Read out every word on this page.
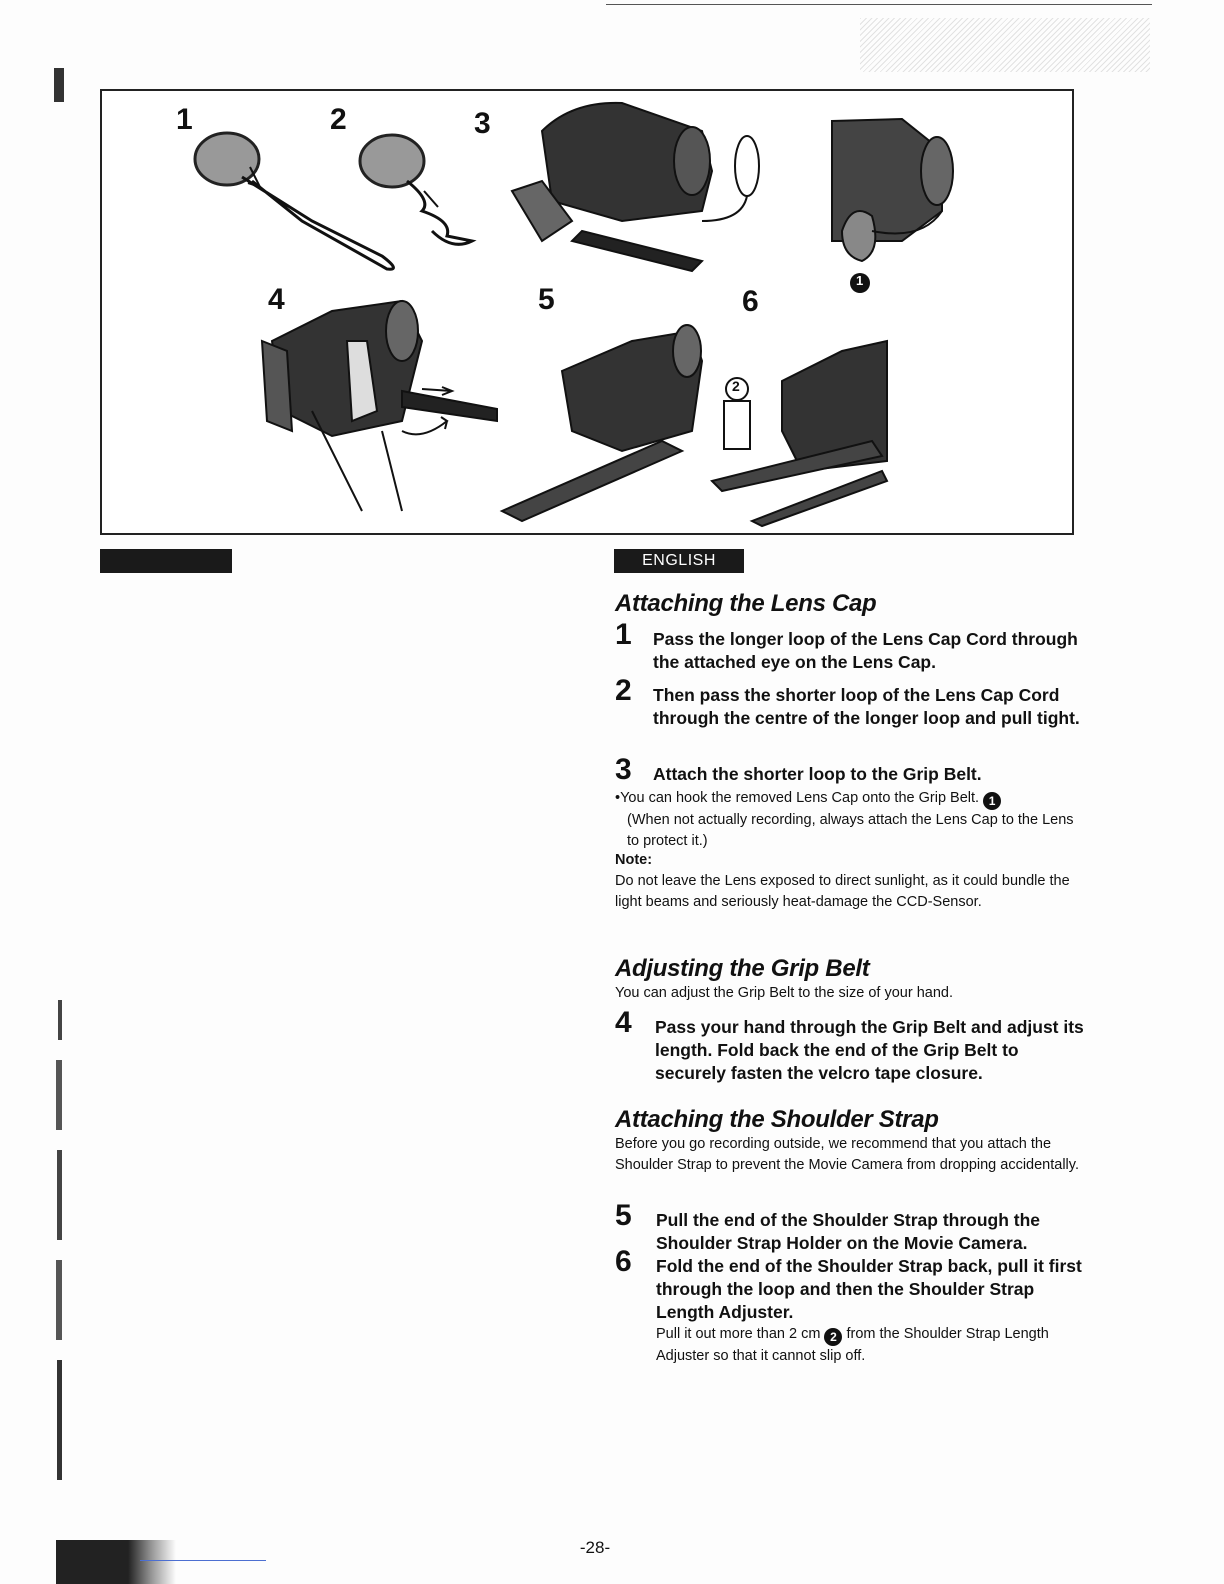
1	2	3
4	5	6
1
2
ENGLISH
Attaching the Lens Cap
1 Pass the longer loop of the Lens Cap Cord through the attached eye on the Lens Cap.
2 Then pass the shorter loop of the Lens Cap Cord through the centre of the longer loop and pull tight.
3 Attach the shorter loop to the Grip Belt.
•You can hook the removed Lens Cap onto the Grip Belt. 1
(When not actually recording, always attach the Lens Cap to the Lens to protect it.)
Note:
Do not leave the Lens exposed to direct sunlight, as it could bundle the light beams and seriously heat-damage the CCD-Sensor.
Adjusting the Grip Belt
You can adjust the Grip Belt to the size of your hand.
4 Pass your hand through the Grip Belt and adjust its length. Fold back the end of the Grip Belt to securely fasten the velcro tape closure.
Attaching the Shoulder Strap
Before you go recording outside, we recommend that you attach the Shoulder Strap to prevent the Movie Camera from dropping accidentally.
5 Pull the end of the Shoulder Strap through the Shoulder Strap Holder on the Movie Camera.
6 Fold the end of the Shoulder Strap back, pull it first through the loop and then the Shoulder Strap Length Adjuster.
Pull it out more than 2 cm 2 from the Shoulder Strap Length Adjuster so that it cannot slip off.
-28-
